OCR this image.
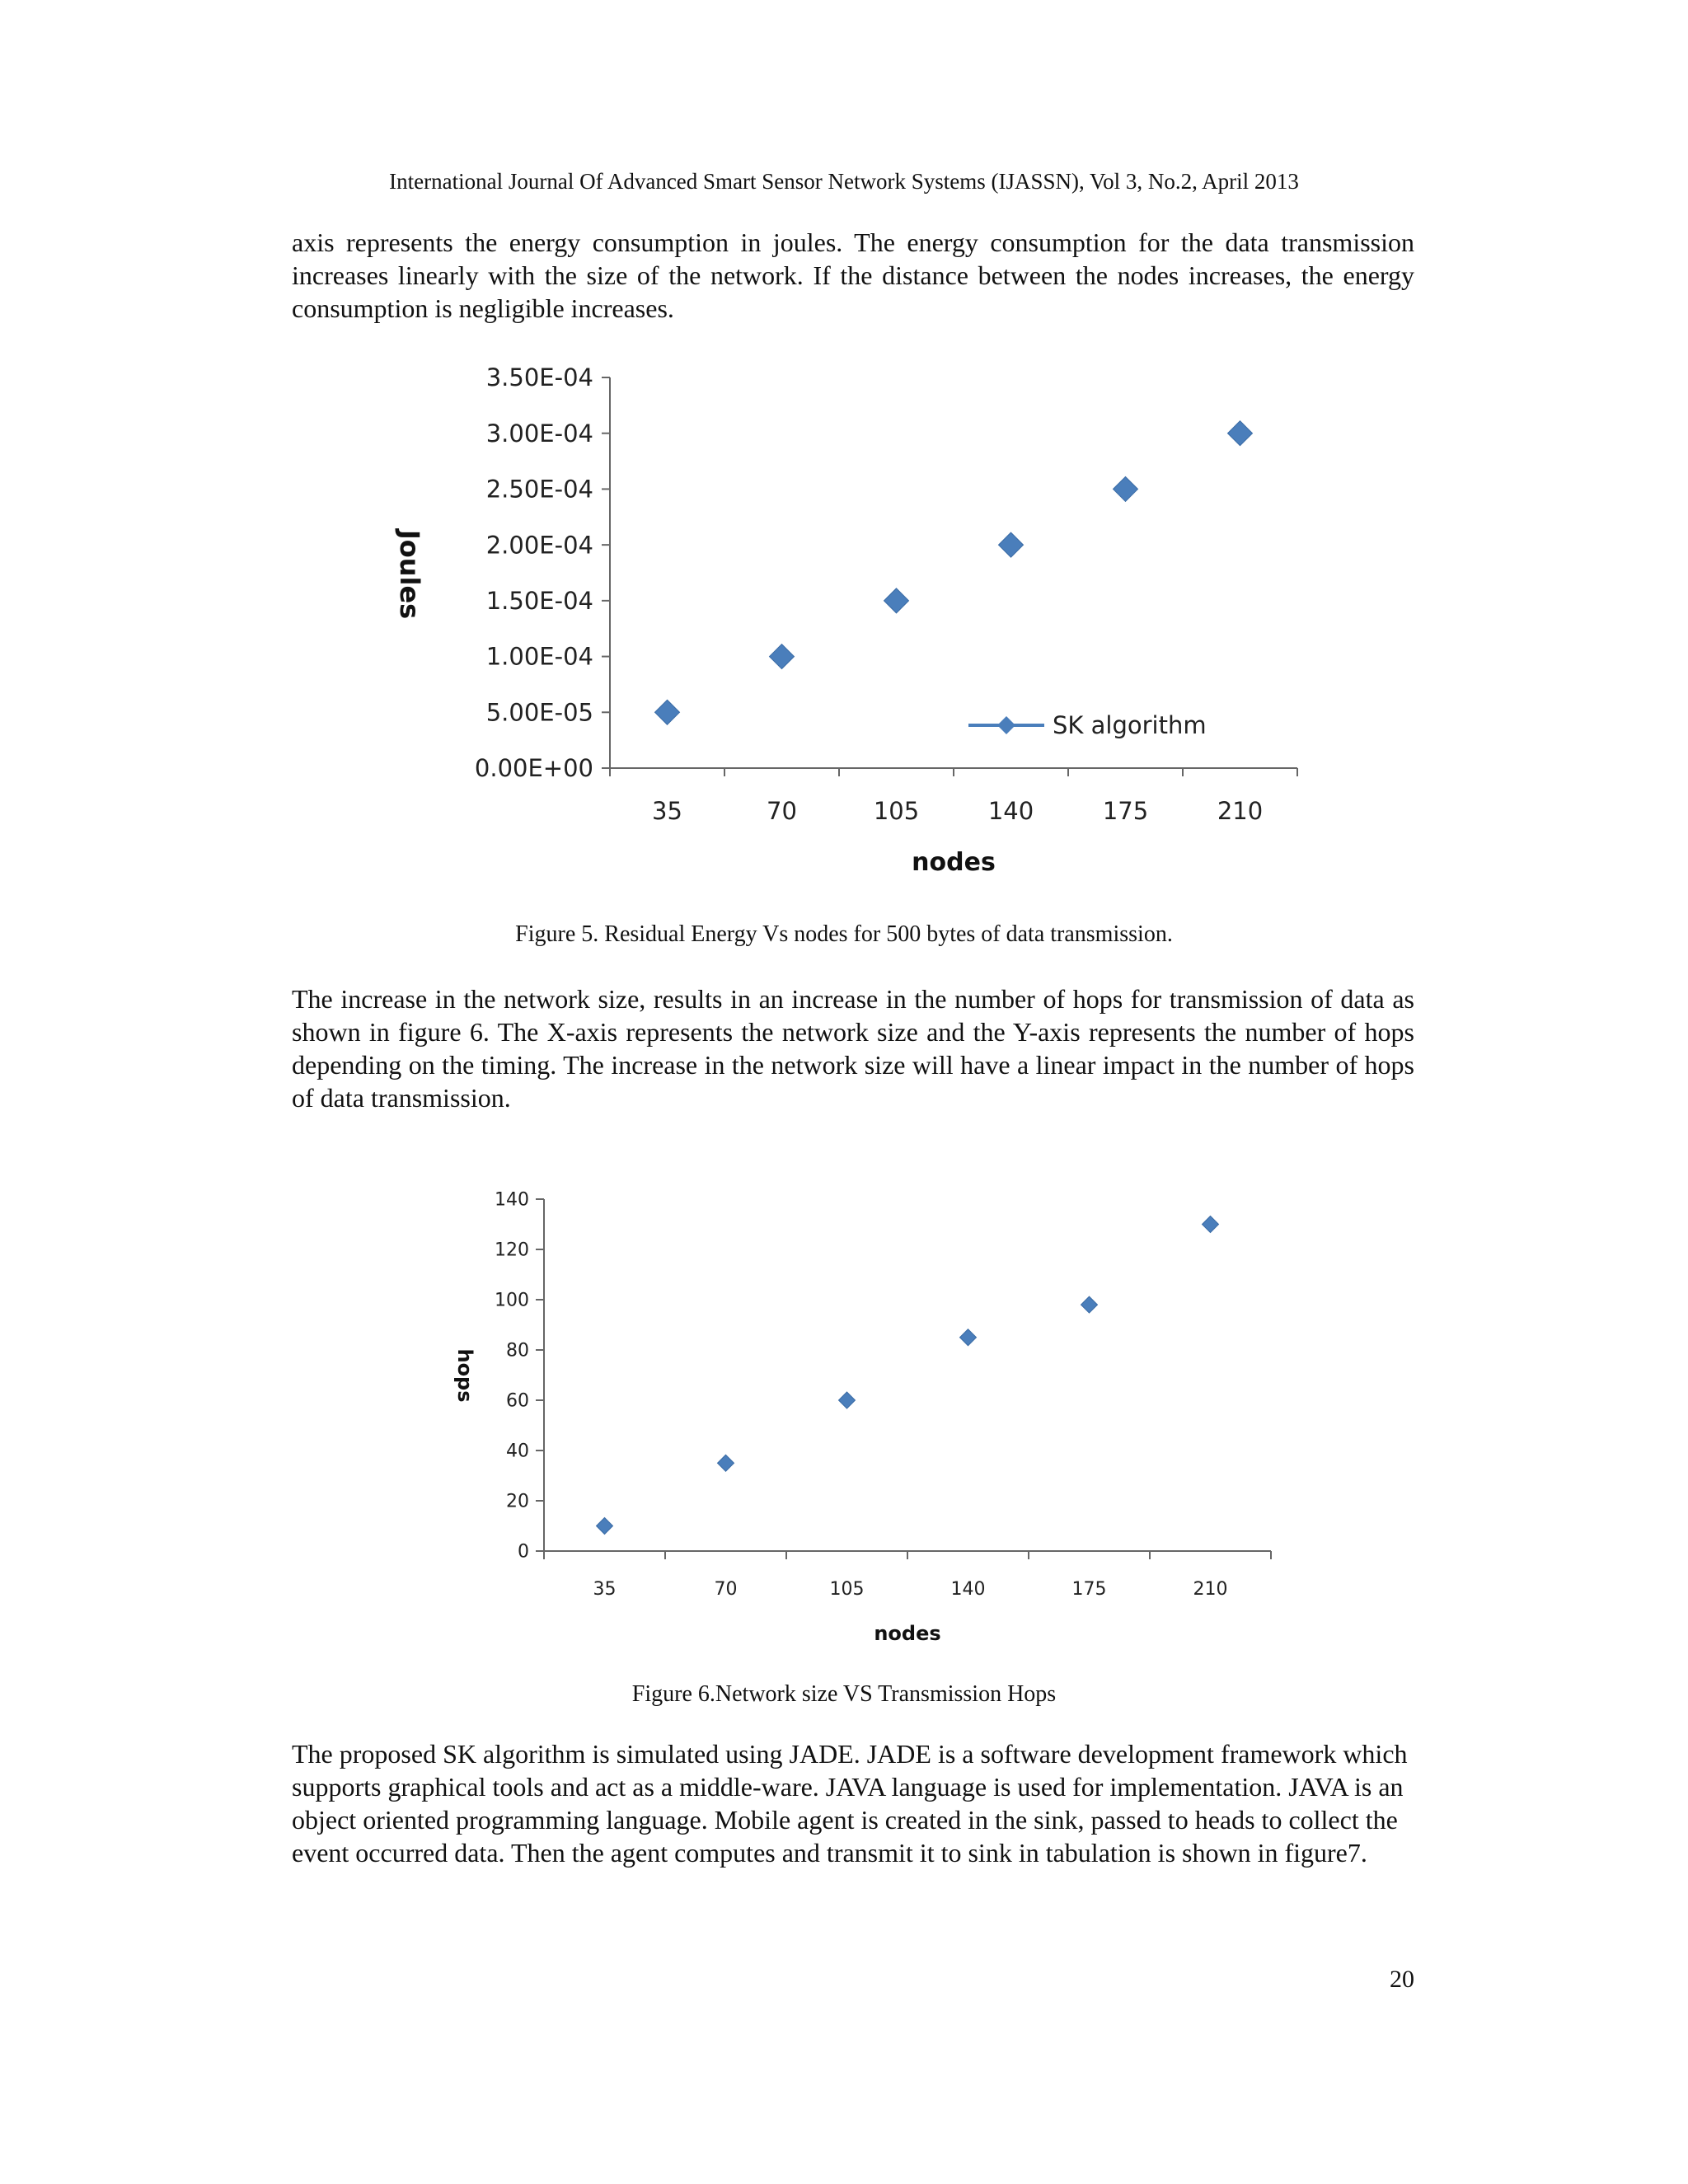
International Journal Of Advanced Smart Sensor Network Systems (IJASSN), Vol 3, No.2, April 2013

axis represents the energy consumption in joules. The energy consumption for the data transmission increases linearly with the size of the network. If the distance between the nodes increases, the energy consumption is negligible increases.

0.00E+00
5.00E-05
1.00E-04
1.50E-04
2.00E-04
2.50E-04
3.00E-04
3.50E-04
35	70	105	140	175	210
nodes
Joules
SK algorithm
Figure 5. Residual Energy Vs nodes for 500 bytes of data transmission.

The increase in the network size, results in an increase in the number of hops for transmission of data as shown in figure 6. The X-axis represents the network size and the Y-axis represents the number of hops depending on the timing. The increase in the network size will have a linear impact in the number of hops of data transmission.

0
20
40
60
80
100
120
140
35	70	105	140	175	210
nodes
hops
Figure 6.Network size VS Transmission Hops

The proposed SK algorithm is simulated using JADE. JADE is a software development framework which supports graphical tools and act as a middle-ware. JAVA language is used for implementation. JAVA is an object oriented programming language. Mobile agent is created in the sink, passed to heads to collect the event occurred data. Then the agent computes and transmit it to sink in tabulation is shown in figure7.

20
